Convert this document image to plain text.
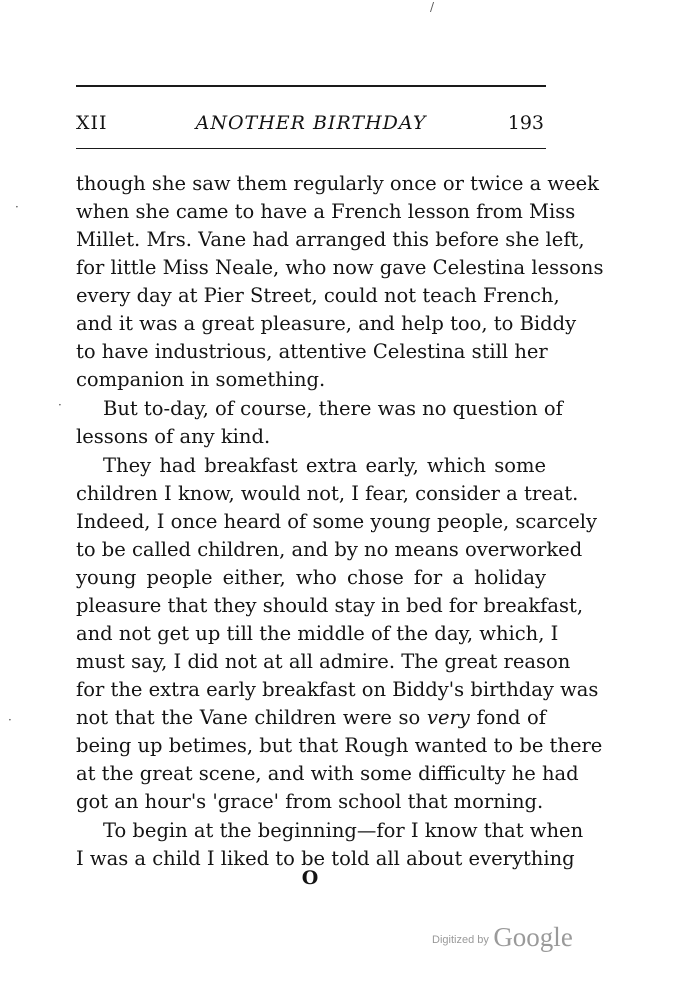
XII	ANOTHER BIRTHDAY	193
though she saw them regularly once or twice a week
when she came to have a French lesson from Miss
Millet. Mrs. Vane had arranged this before she left,
for little Miss Neale, who now gave Celestina lessons
every day at Pier Street, could not teach French,
and it was a great pleasure, and help too, to Biddy
to have industrious, attentive Celestina still her
companion in something.
But to-day, of course, there was no question of
lessons of any kind.
They had breakfast extra early, which some
children I know, would not, I fear, consider a treat.
Indeed, I once heard of some young people, scarcely
to be called children, and by no means overworked
young people either, who chose for a holiday
pleasure that they should stay in bed for breakfast,
and not get up till the middle of the day, which, I
must say, I did not at all admire. The great reason
for the extra early breakfast on Biddy's birthday was
not that the Vane children were so very fond of
being up betimes, but that Rough wanted to be there
at the great scene, and with some difficulty he had
got an hour's 'grace' from school that morning.
To begin at the beginning—for I know that when
I was a child I liked to be told all about everything
O
·
·
·
/
Digitized by Google
